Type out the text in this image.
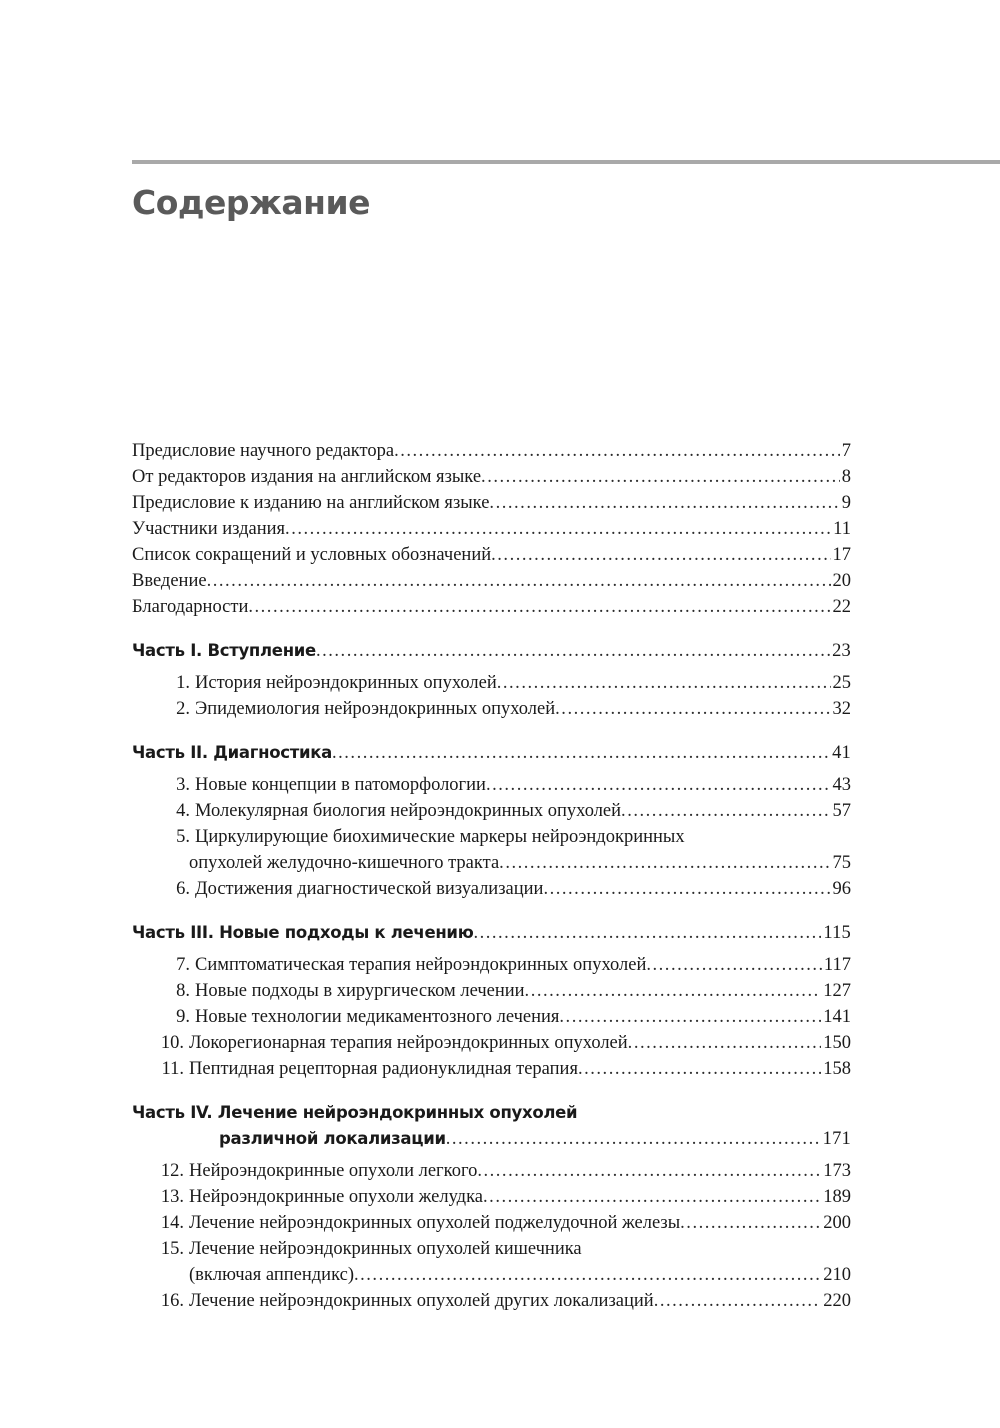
Содержание
Предисловие научного редактора . . .	7
От редакторов издания на английском языке . . .	8
Предисловие к изданию на английском языке . . .	9
Участники издания . . .	11
Список сокращений и условных обозначений . . .	17
Введение . . .	20
Благодарности . . .	22
Часть I. Вступление . . .	23
1. История нейроэндокринных опухолей . . .	25
2. Эпидемиология нейроэндокринных опухолей . . .	32
Часть II. Диагностика . . .	41
3. Новые концепции в патоморфологии . . .	43
4. Молекулярная биология нейроэндокринных опухолей . . .	57
5. Циркулирующие биохимические маркеры нейроэндокринных
опухолей желудочно-кишечного тракта . . .	75
6. Достижения диагностической визуализации . . .	96
Часть III. Новые подходы к лечению . . .	115
7. Симптоматическая терапия нейроэндокринных опухолей . . .	117
8. Новые подходы в хирургическом лечении . . .	127
9. Новые технологии медикаментозного лечения . . .	141
10. Локорегионарная терапия нейроэндокринных опухолей . . .	150
11. Пептидная рецепторная радионуклидная терапия . . .	158
Часть IV. Лечение нейроэндокринных опухолей
различной локализации . . .	171
12. Нейроэндокринные опухоли легкого . . .	173
13. Нейроэндокринные опухоли желудка . . .	189
14. Лечение нейроэндокринных опухолей поджелудочной железы . . .	200
15. Лечение нейроэндокринных опухолей кишечника
(включая аппендикс) . . .	210
16. Лечение нейроэндокринных опухолей других локализаций . . .	220
